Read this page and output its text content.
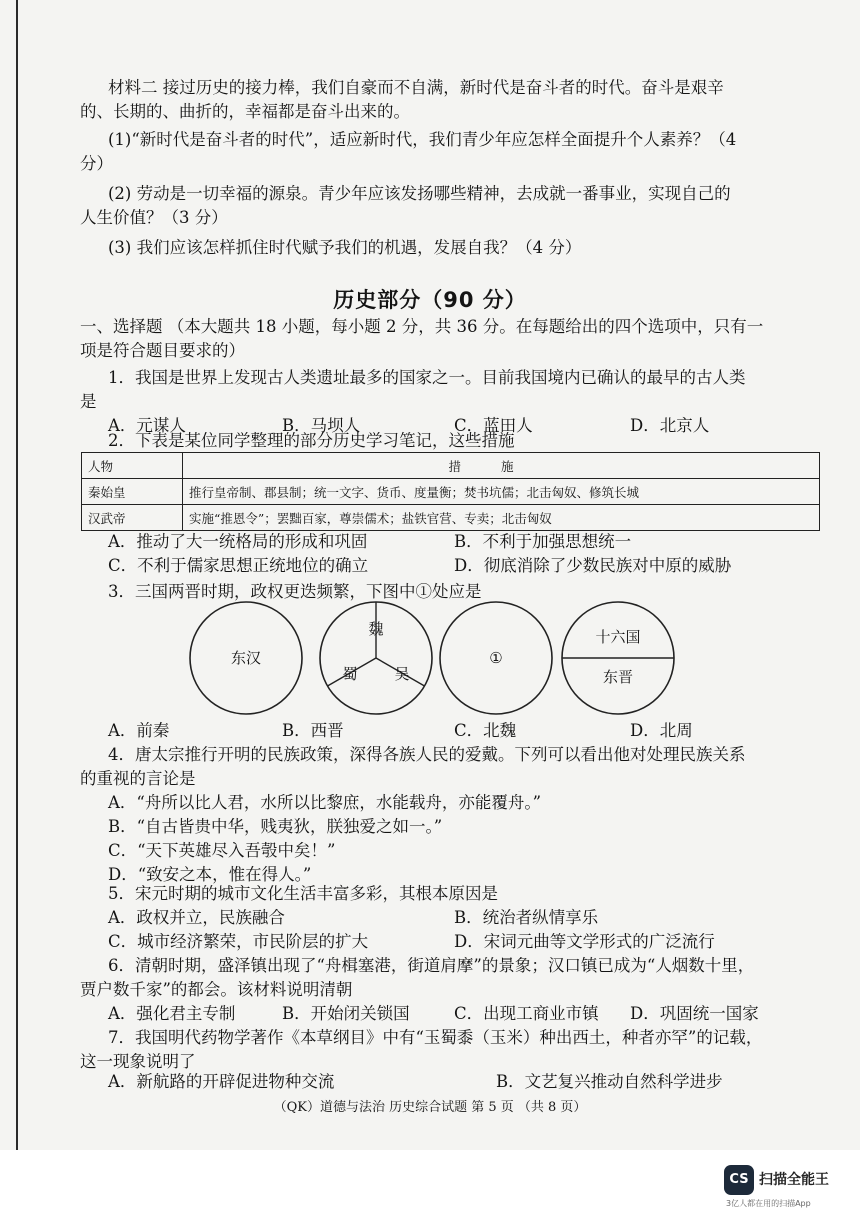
材料二 接过历史的接力棒，我们自豪而不自满，新时代是奋斗者的时代。奋斗是艰辛
的、长期的、曲折的，幸福都是奋斗出来的。
(1)“新时代是奋斗者的时代”，适应新时代，我们青少年应怎样全面提升个人素养？（4
分）
(2) 劳动是一切幸福的源泉。青少年应该发扬哪些精神，去成就一番事业，实现自己的
人生价值？（3 分）
(3) 我们应该怎样抓住时代赋予我们的机遇，发展自我？（4 分）
历史部分（90 分）
一、选择题 （本大题共 18 小题，每小题 2 分，共 36 分。在每题给出的四个选项中，只有一
项是符合题目要求的）
1．我国是世界上发现古人类遗址最多的国家之一。目前我国境内已确认的最早的古人类
是
A．元谋人	B．马坝人	C．蓝田人	D．北京人
2．下表是某位同学整理的部分历史学习笔记，这些措施
人物	措施
秦始皇	推行皇帝制、郡县制；统一文字、货币、度量衡；焚书坑儒；北击匈奴、修筑长城
汉武帝	实施“推恩令”；罢黜百家，尊崇儒术；盐铁官营、专卖；北击匈奴
A．推动了大一统格局的形成和巩固	B．不利于加强思想统一
C．不利于儒家思想正统地位的确立	D．彻底消除了少数民族对中原的威胁
3．三国两晋时期，政权更迭频繁，下图中①处应是
东汉
魏
蜀 吴
①
十六国
东晋
A．前秦	B．西晋	C．北魏	D．北周
4．唐太宗推行开明的民族政策，深得各族人民的爱戴。下列可以看出他对处理民族关系
的重视的言论是
A．“舟所以比人君，水所以比黎庶，水能载舟，亦能覆舟。”
B．“自古皆贵中华，贱夷狄，朕独爱之如一。”
C．“天下英雄尽入吾彀中矣！”
D．“致安之本，惟在得人。”
5．宋元时期的城市文化生活丰富多彩，其根本原因是
A．政权并立，民族融合	B．统治者纵情享乐
C．城市经济繁荣，市民阶层的扩大	D．宋词元曲等文学形式的广泛流行
6．清朝时期，盛泽镇出现了“舟楫塞港，街道肩摩”的景象；汉口镇已成为“人烟数十里，
贾户数千家”的都会。该材料说明清朝
A．强化君主专制	B．开始闭关锁国	C．出现工商业市镇 D．巩固统一国家
7．我国明代药物学著作《本草纲目》中有“玉蜀黍（玉米）种出西土，种者亦罕”的记载，
这一现象说明了
A．新航路的开辟促进物种交流	B．文艺复兴推动自然科学进步
（QK）道德与法治 历史综合试题 第 5 页 （共 8 页）
CS 扫描全能王
3亿人都在用的扫描App
